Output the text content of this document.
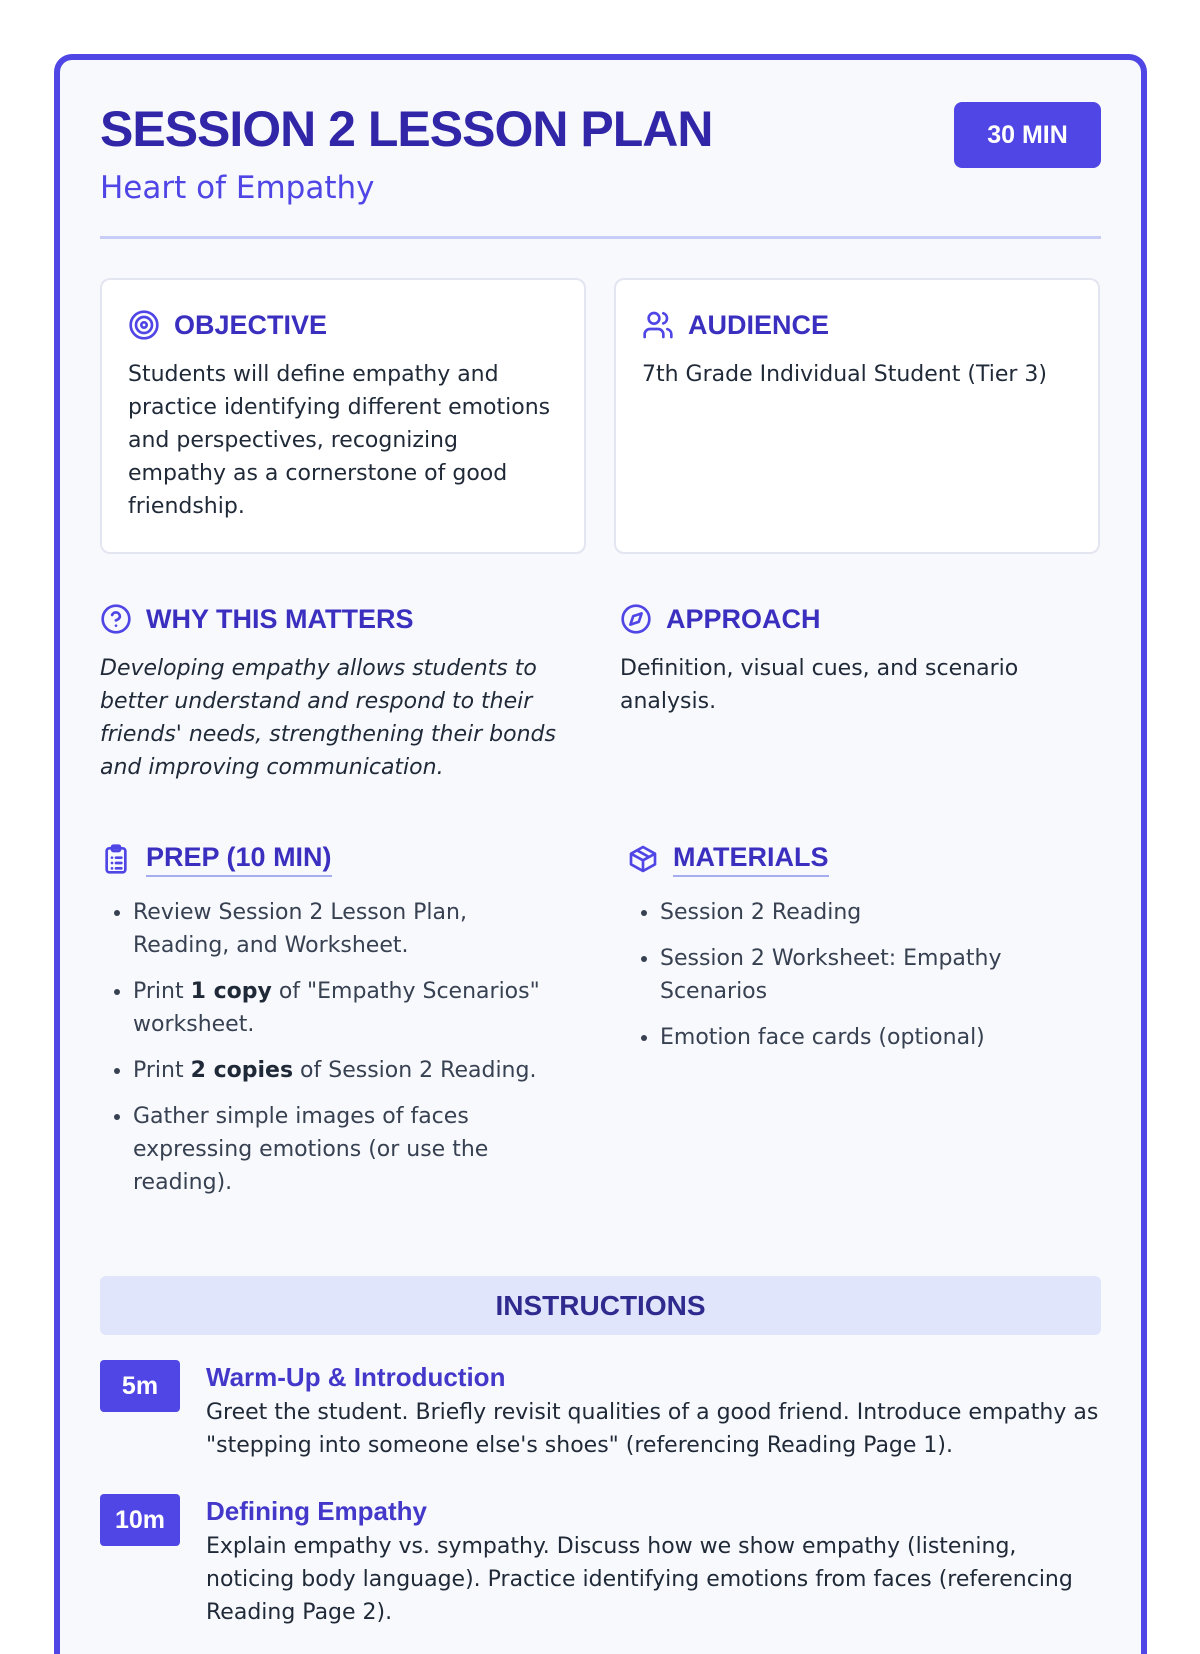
SESSION 2 LESSON PLAN
Heart of Empathy
30 MIN
OBJECTIVE
Students will define empathy and practice identifying different emotions and perspectives, recognizing empathy as a cornerstone of good friendship.
AUDIENCE
7th Grade Individual Student (Tier 3)
WHY THIS MATTERS
Developing empathy allows students to better understand and respond to their friends' needs, strengthening their bonds and improving communication.
APPROACH
Definition, visual cues, and scenario analysis.
PREP (10 MIN)
• Review Session 2 Lesson Plan, Reading, and Worksheet.
• Print 1 copy of "Empathy Scenarios" worksheet.
• Print 2 copies of Session 2 Reading.
• Gather simple images of faces expressing emotions (or use the reading).
MATERIALS
• Session 2 Reading
• Session 2 Worksheet: Empathy Scenarios
• Emotion face cards (optional)
INSTRUCTIONS
5m	Warm-Up & Introduction
Greet the student. Briefly revisit qualities of a good friend. Introduce empathy as "stepping into someone else's shoes" (referencing Reading Page 1).
10m	Defining Empathy
Explain empathy vs. sympathy. Discuss how we show empathy (listening, noticing body language). Practice identifying emotions from faces (referencing Reading Page 2).
